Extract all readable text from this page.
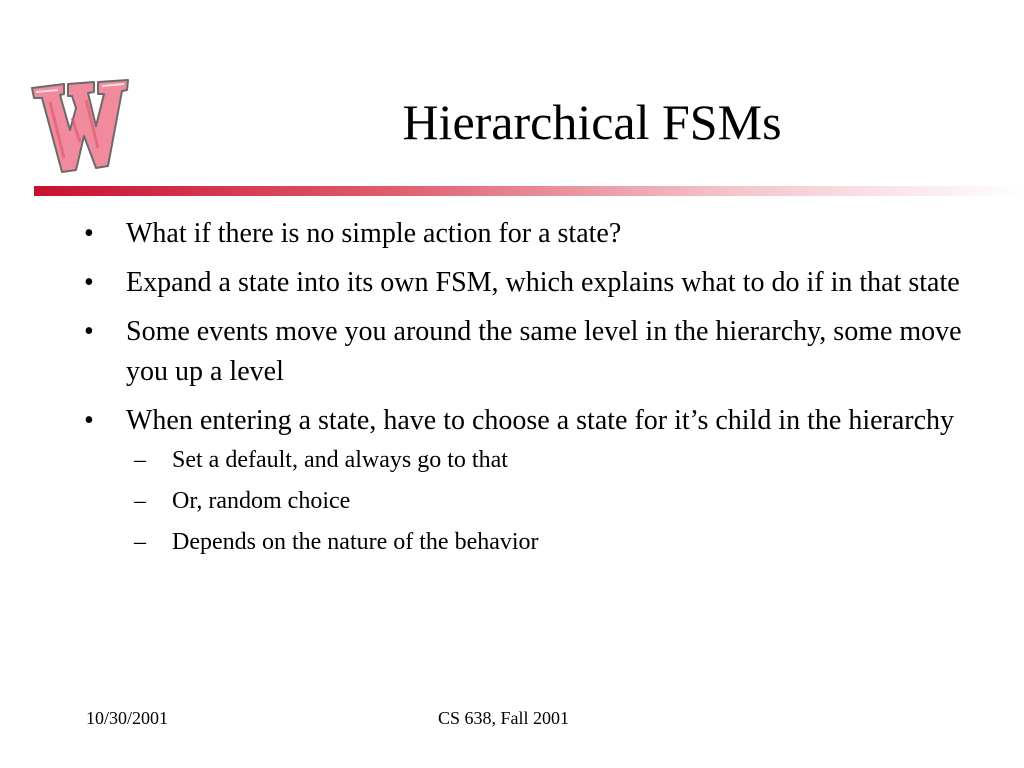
Hierarchical FSMs
•	What if there is no simple action for a state?
•	Expand a state into its own FSM, which explains what to do if in that state
•	Some events move you around the same level in the hierarchy, some move you up a level
•	When entering a state, have to choose a state for it’s child in the hierarchy
–	Set a default, and always go to that
–	Or, random choice
–	Depends on the nature of the behavior
10/30/2001	CS 638, Fall 2001
